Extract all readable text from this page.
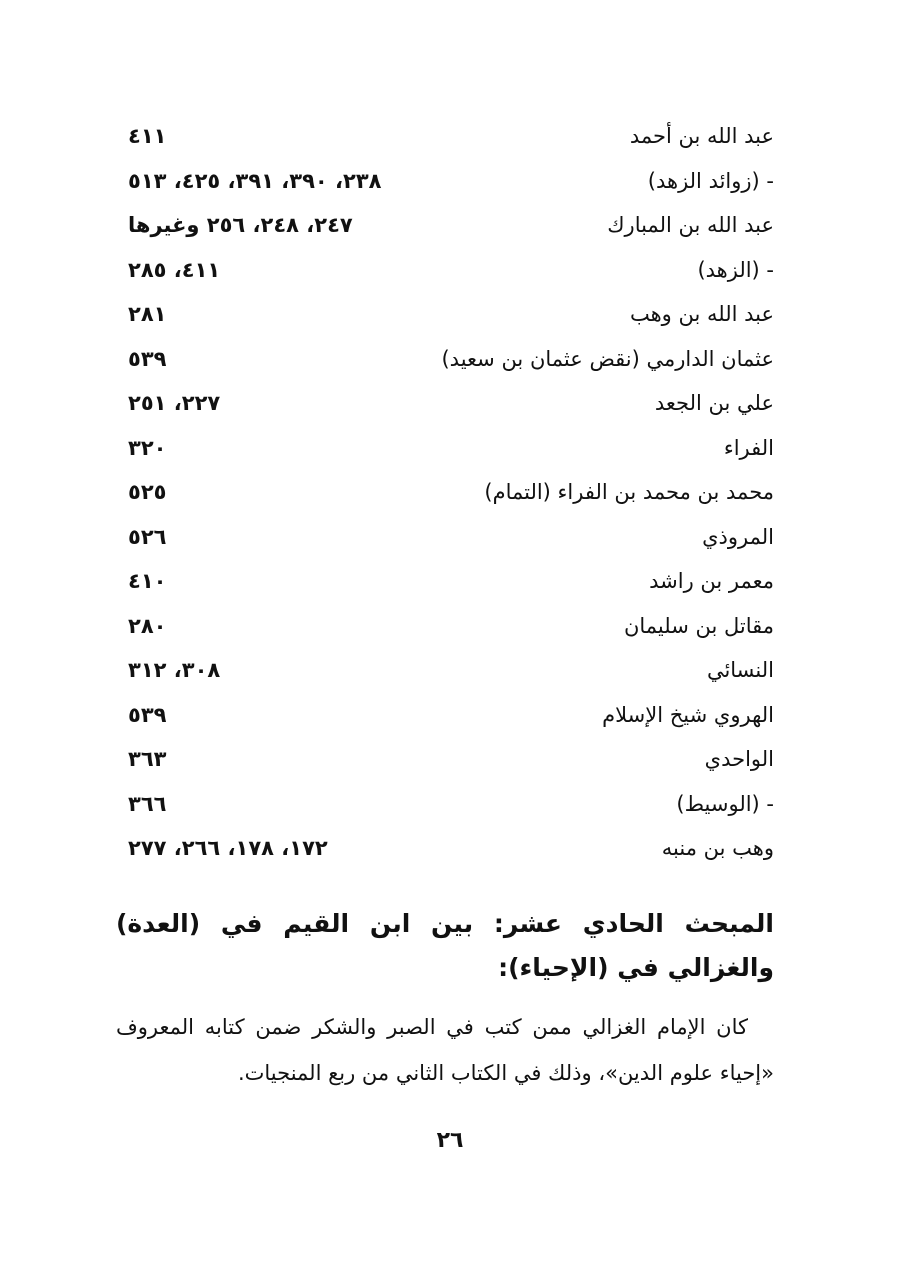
عبد الله بن أحمد
٤١١
- (زوائد الزهد)
٢٣٨، ٣٩٠، ٣٩١، ٤٢٥، ٥١٣
عبد الله بن المبارك
٢٤٧، ٢٤٨، ٢٥٦ وغيرها
- (الزهد)
٤١١، ٢٨٥
عبد الله بن وهب
٢٨١
عثمان الدارمي (نقض عثمان بن سعيد)
٥٣٩
علي بن الجعد
٢٢٧، ٢٥١
الفراء
٣٢٠
محمد بن محمد بن الفراء (التمام)
٥٢٥
المروذي
٥٢٦
معمر بن راشد
٤١٠
مقاتل بن سليمان
٢٨٠
النسائي
٣٠٨، ٣١٢
الهروي شيخ الإسلام
٥٣٩
الواحدي
٣٦٣
- (الوسيط)
٣٦٦
وهب بن منبه
١٧٢، ١٧٨، ٢٦٦، ٢٧٧
المبحث الحادي عشر: بين ابن القيم في (العدة) والغزالي في (الإحياء):
كان الإمام الغزالي ممن كتب في الصبر والشكر ضمن كتابه المعروف «إحياء علوم الدين»، وذلك في الكتاب الثاني من ربع المنجيات.
٢٦
